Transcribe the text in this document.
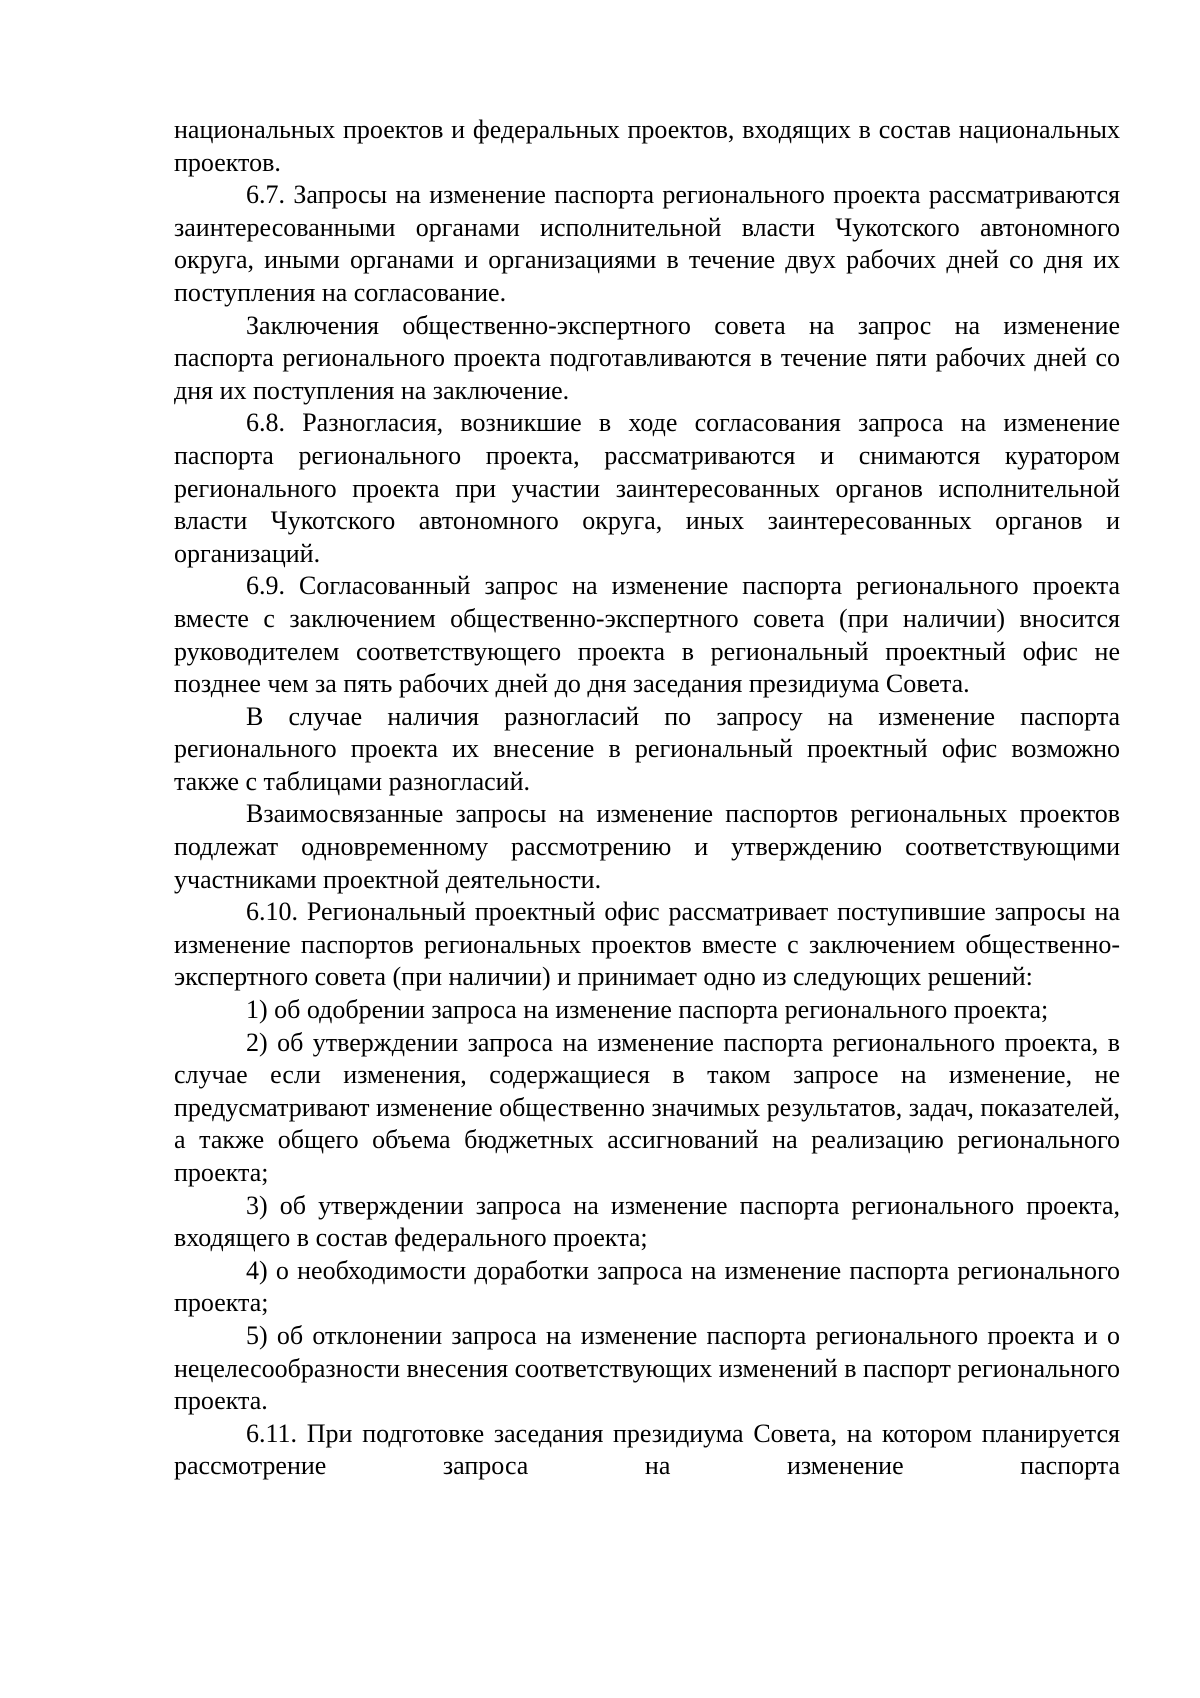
национальных проектов и федеральных проектов, входящих в состав национальных проектов.

6.7. Запросы на изменение паспорта регионального проекта рассматриваются заинтересованными органами исполнительной власти Чукотского автономного округа, иными органами и организациями в течение двух рабочих дней со дня их поступления на согласование.

Заключения общественно-экспертного совета на запрос на изменение паспорта регионального проекта подготавливаются в течение пяти рабочих дней со дня их поступления на заключение.

6.8. Разногласия, возникшие в ходе согласования запроса на изменение паспорта регионального проекта, рассматриваются и снимаются куратором регионального проекта при участии заинтересованных органов исполнительной власти Чукотского автономного округа, иных заинтересованных органов и организаций.

6.9. Согласованный запрос на изменение паспорта регионального проекта вместе с заключением общественно-экспертного совета (при наличии) вносится руководителем соответствующего проекта в региональный проектный офис не позднее чем за пять рабочих дней до дня заседания президиума Совета.

В случае наличия разногласий по запросу на изменение паспорта регионального проекта их внесение в региональный проектный офис возможно также с таблицами разногласий.

Взаимосвязанные запросы на изменение паспортов региональных проектов подлежат одновременному рассмотрению и утверждению соответствующими участниками проектной деятельности.

6.10. Региональный проектный офис рассматривает поступившие запросы на изменение паспортов региональных проектов вместе с заключением общественно-экспертного совета (при наличии) и принимает одно из следующих решений:

1) об одобрении запроса на изменение паспорта регионального проекта;

2) об утверждении запроса на изменение паспорта регионального проекта, в случае если изменения, содержащиеся в таком запросе на изменение, не предусматривают изменение общественно значимых результатов, задач, показателей, а также общего объема бюджетных ассигнований на реализацию регионального проекта;

3) об утверждении запроса на изменение паспорта регионального проекта, входящего в состав федерального проекта;

4) о необходимости доработки запроса на изменение паспорта регионального проекта;

5) об отклонении запроса на изменение паспорта регионального проекта и о нецелесообразности внесения соответствующих изменений в паспорт регионального проекта.

6.11. При подготовке заседания президиума Совета, на котором планируется рассмотрение запроса на изменение паспорта
